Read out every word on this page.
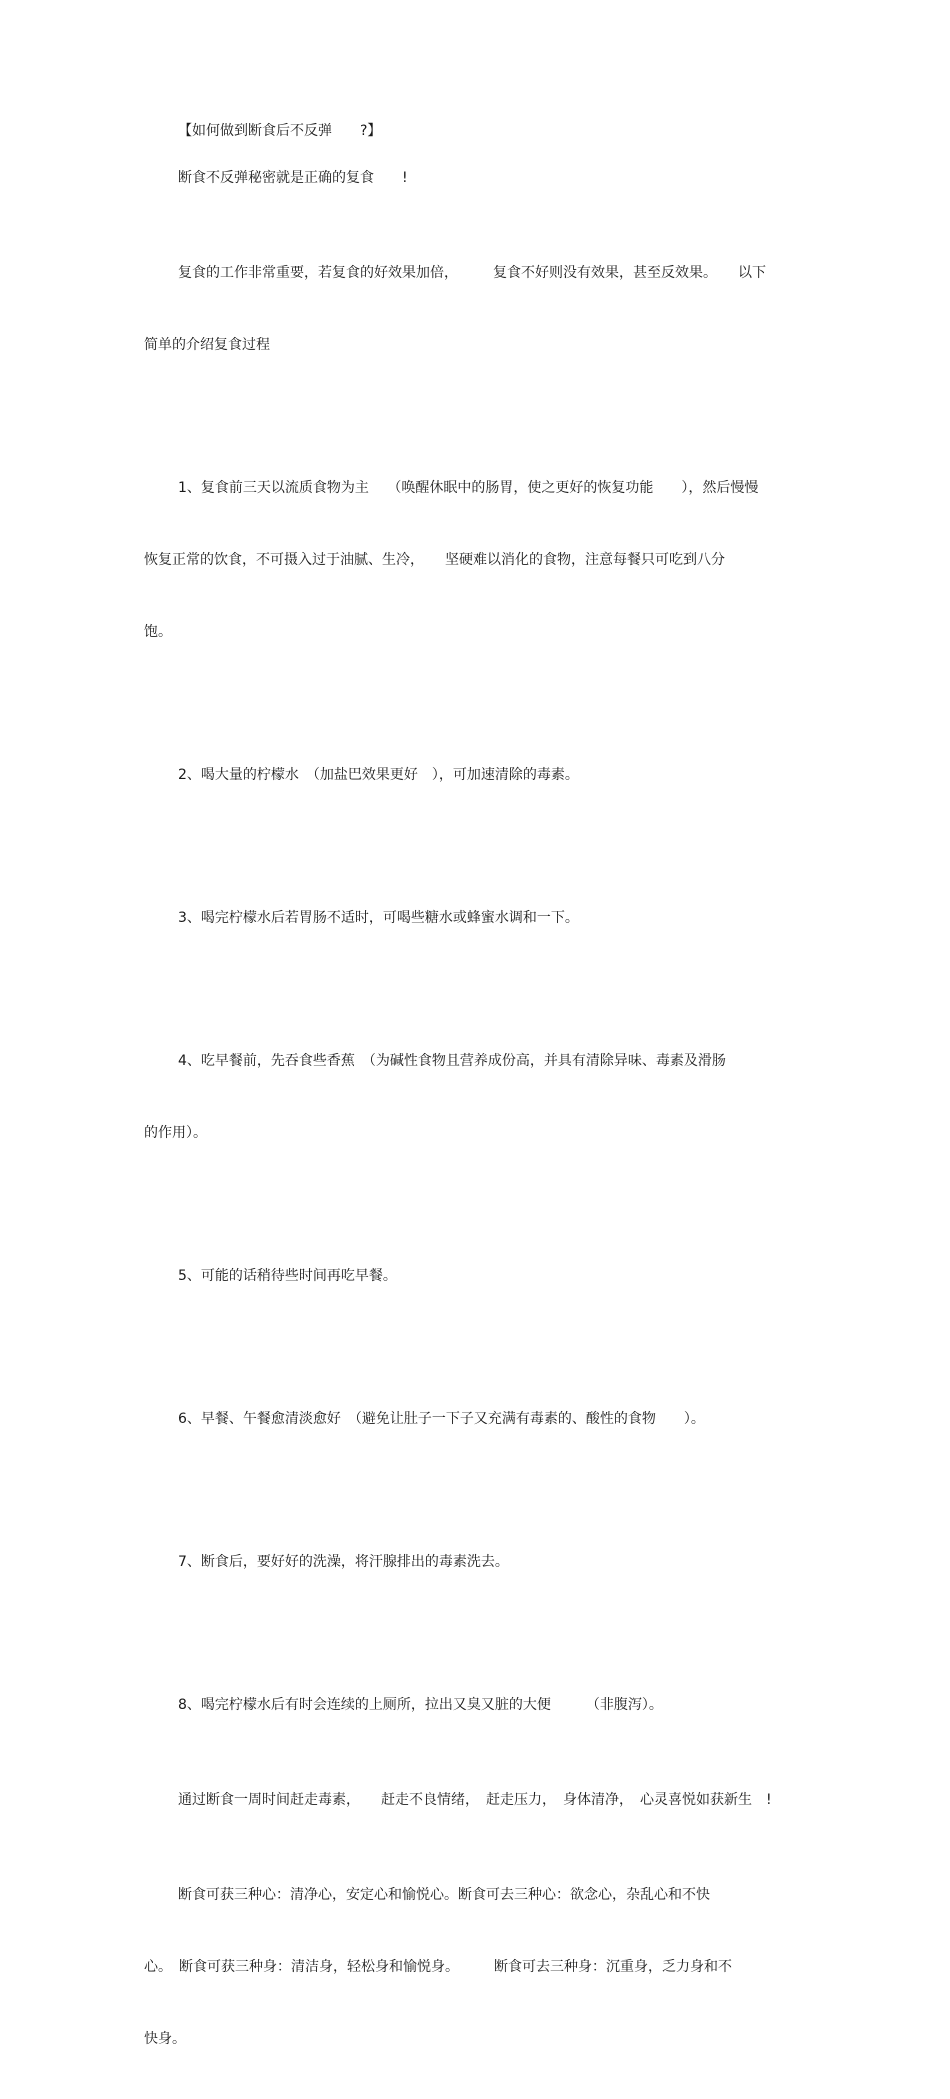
【如何做到断食后不反弹　　?】

断食不反弹秘密就是正确的复食　　!

复食的工作非常重要，若复食的好效果加倍，　　　复食不好则没有效果，甚至反效果。　　以下

简单的介绍复食过程

1、复食前三天以流质食物为主　 （唤醒休眠中的肠胃，使之更好的恢复功能　　），然后慢慢

恢复正常的饮食，不可摄入过于油腻、生冷，　　坚硬难以消化的食物，注意每餐只可吃到八分

饱。

2、喝大量的柠檬水　（加盐巴效果更好　），可加速清除的毒素。

3、喝完柠檬水后若胃肠不适时，可喝些糖水或蜂蜜水调和一下。

4、吃早餐前，先吞食些香蕉　（为碱性食物且营养成份高，并具有清除异味、毒素及滑肠

的作用）。

5、可能的话稍待些时间再吃早餐。

6、早餐、午餐愈清淡愈好　（避免让肚子一下子又充满有毒素的、酸性的食物　　）。

7、断食后，要好好的洗澡，将汗腺排出的毒素洗去。

8、喝完柠檬水后有时会连续的上厕所，拉出又臭又脏的大便　　　（非腹泻）。

通过断食一周时间赶走毒素，　　赶走不良情绪，　赶走压力，　身体清净，　心灵喜悦如获新生　!

断食可获三种心：清净心，安定心和愉悦心。断食可去三种心：欲念心，杂乱心和不快

心。　断食可获三种身：清洁身，轻松身和愉悦身。　　　断食可去三种身：沉重身，乏力身和不

快身。
